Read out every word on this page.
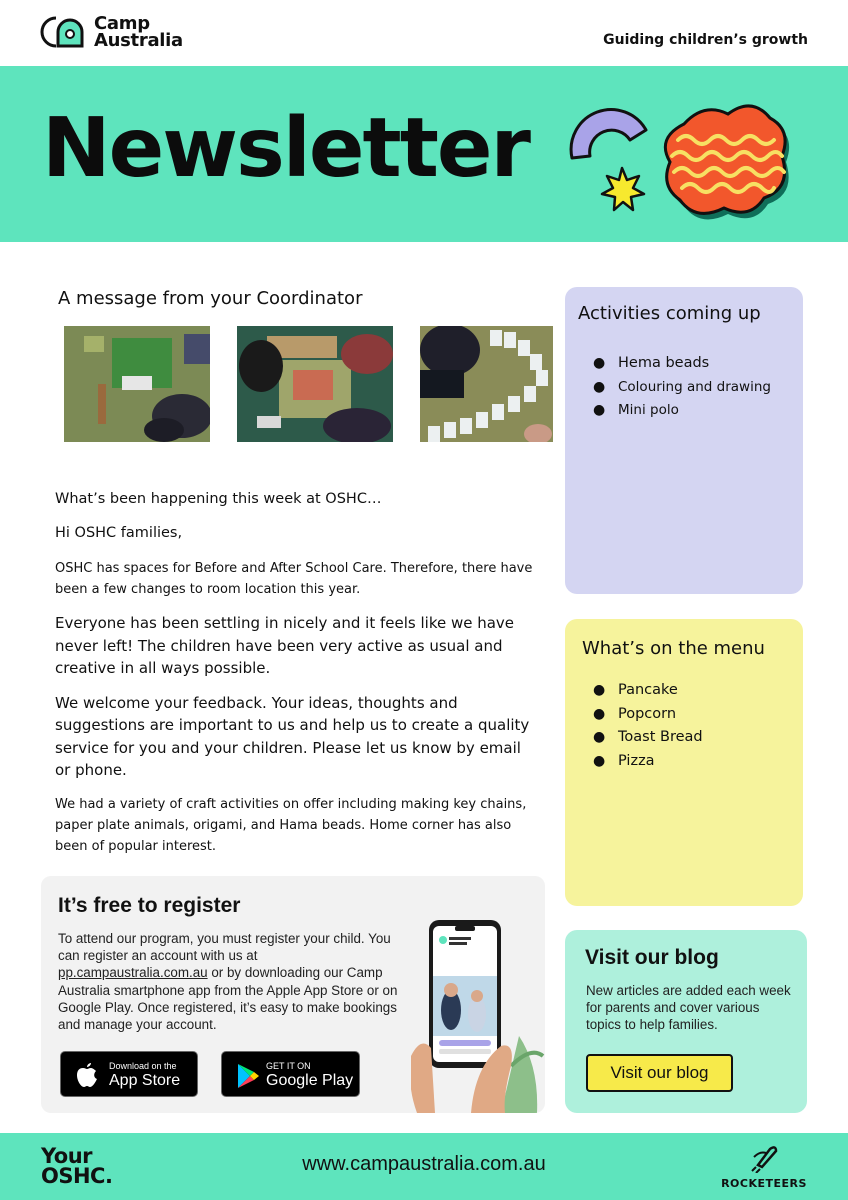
Camp
Australia	Guiding children’s growth
Newsletter
A message from your Coordinator

What’s been happening this week at OSHC…

Hi OSHC families,

OSHC has spaces for Before and After School Care. Therefore, there have been a few changes to room location this year.

Everyone has been settling in nicely and it feels like we have never left! The children have been very active as usual and creative in all ways possible.

We welcome your feedback. Your ideas, thoughts and suggestions are important to us and help us to create a quality service for you and your children. Please let us know by email or phone.

We had a variety of craft activities on offer including making key chains, paper plate animals, origami, and Hama beads. Home corner has also been of popular interest.

Activities coming up
● Hema beads
● Colouring and drawing
● Mini polo
What’s on the menu
● Pancake
● Popcorn
● Toast Bread
● Pizza
It’s free to register
To attend our program, you must register your child. You can register an account with us at pp.campaustralia.com.au or by downloading our Camp Australia smartphone app from the Apple App Store or on Google Play. Once registered, it’s easy to make bookings and manage your account.
Download on the
App Store
GET IT ON
Google Play
Visit our blog
New articles are added each week for parents and cover various topics to help families.
Visit our blog
Your
OSHC.	www.campaustralia.com.au
ROCKETEERS
